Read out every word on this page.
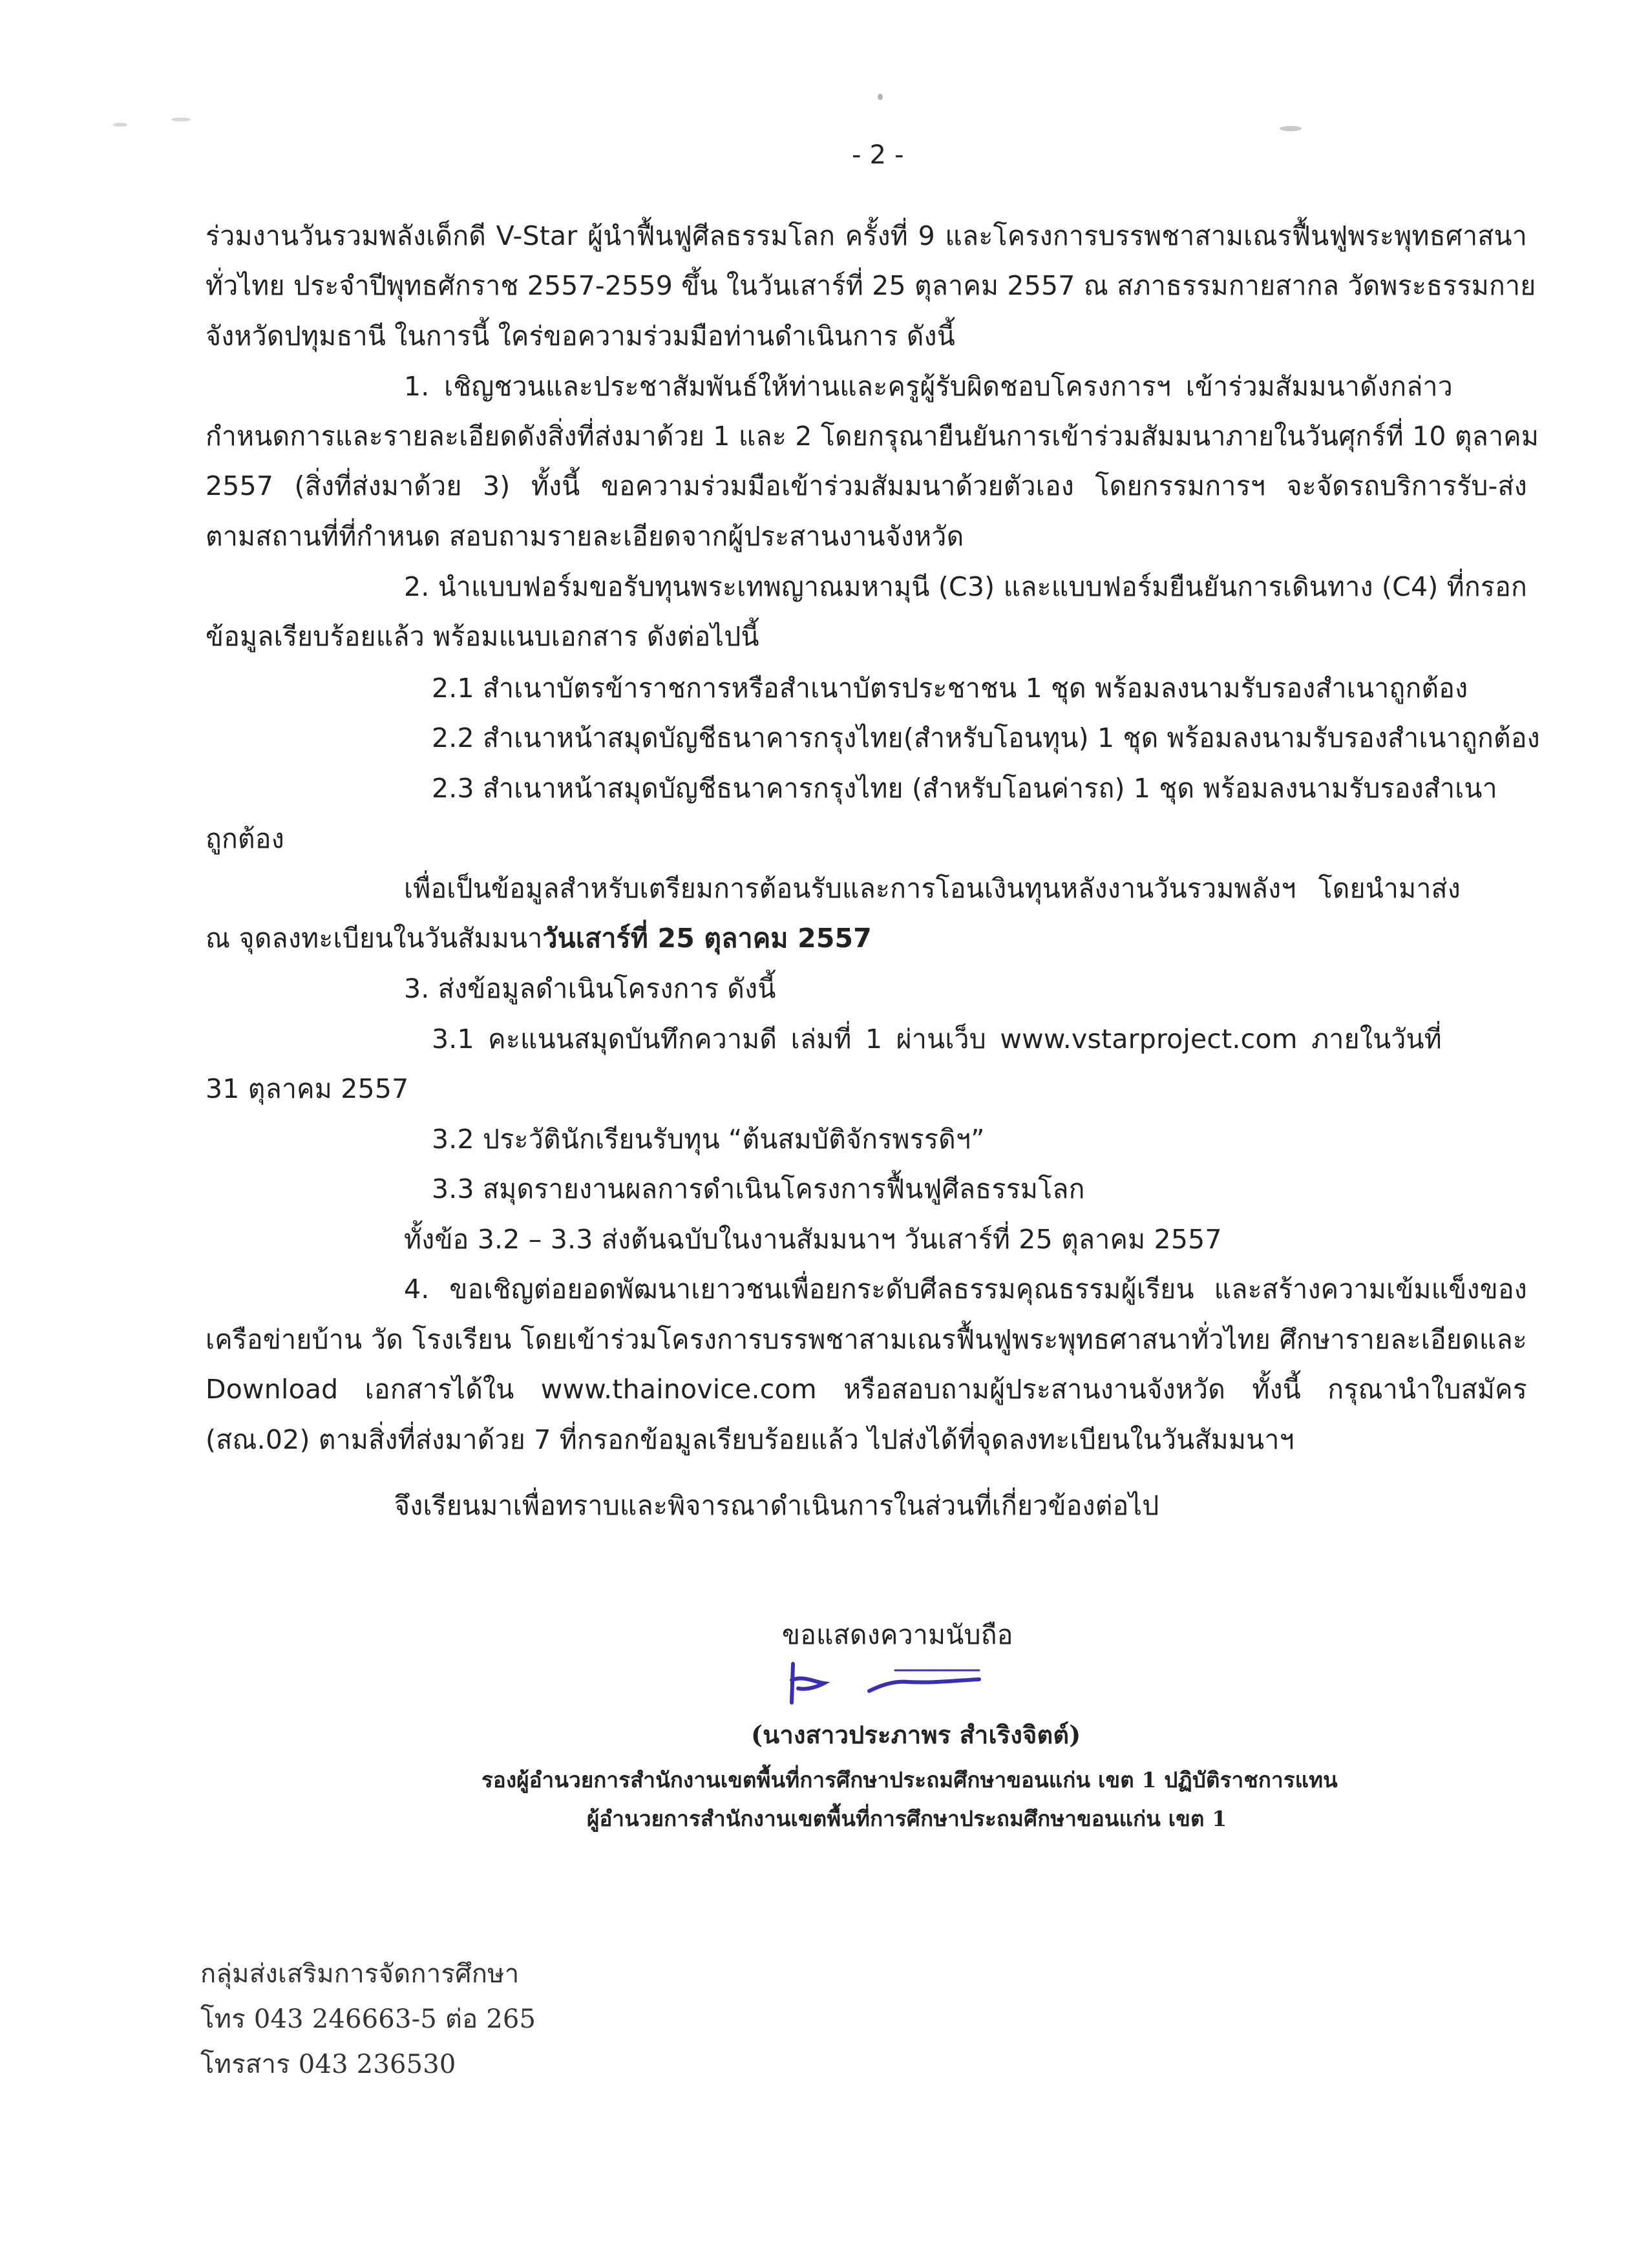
- 2 -
ร่วมงานวันรวมพลังเด็กดี V-Star ผู้นำฟื้นฟูศีลธรรมโลก ครั้งที่ 9 และโครงการบรรพชาสามเณรฟื้นฟูพระพุทธศาสนา
ทั่วไทย ประจำปีพุทธศักราช 2557-2559 ขึ้น ในวันเสาร์ที่ 25 ตุลาคม 2557 ณ สภาธรรมกายสากล วัดพระธรรมกาย
จังหวัดปทุมธานี ในการนี้ ใคร่ขอความร่วมมือท่านดำเนินการ ดังนี้
1. เชิญชวนและประชาสัมพันธ์ให้ท่านและครูผู้รับผิดชอบโครงการฯ เข้าร่วมสัมมนาดังกล่าว
กำหนดการและรายละเอียดดังสิ่งที่ส่งมาด้วย 1 และ 2 โดยกรุณายืนยันการเข้าร่วมสัมมนาภายในวันศุกร์ที่ 10 ตุลาคม
2557 (สิ่งที่ส่งมาด้วย 3) ทั้งนี้ ขอความร่วมมือเข้าร่วมสัมมนาด้วยตัวเอง โดยกรรมการฯ จะจัดรถบริการรับ-ส่ง
ตามสถานที่ที่กำหนด สอบถามรายละเอียดจากผู้ประสานงานจังหวัด
2. นำแบบฟอร์มขอรับทุนพระเทพญาณมหามุนี (C3) และแบบฟอร์มยืนยันการเดินทาง (C4) ที่กรอก
ข้อมูลเรียบร้อยแล้ว พร้อมแนบเอกสาร ดังต่อไปนี้
2.1 สำเนาบัตรข้าราชการหรือสำเนาบัตรประชาชน 1 ชุด พร้อมลงนามรับรองสำเนาถูกต้อง
2.2 สำเนาหน้าสมุดบัญชีธนาคารกรุงไทย(สำหรับโอนทุน) 1 ชุด พร้อมลงนามรับรองสำเนาถูกต้อง
2.3 สำเนาหน้าสมุดบัญชีธนาคารกรุงไทย (สำหรับโอนค่ารถ) 1 ชุด พร้อมลงนามรับรองสำเนา
ถูกต้อง
เพื่อเป็นข้อมูลสำหรับเตรียมการต้อนรับและการโอนเงินทุนหลังงานวันรวมพลังฯ โดยนำมาส่ง
ณ จุดลงทะเบียนในวันสัมมนาวันเสาร์ที่ 25 ตุลาคม 2557
3. ส่งข้อมูลดำเนินโครงการ ดังนี้
3.1 คะแนนสมุดบันทึกความดี เล่มที่ 1 ผ่านเว็บ www.vstarproject.com ภายในวันที่
31 ตุลาคม 2557
3.2 ประวัตินักเรียนรับทุน “ต้นสมบัติจักรพรรดิฯ”
3.3 สมุดรายงานผลการดำเนินโครงการฟื้นฟูศีลธรรมโลก
ทั้งข้อ 3.2 – 3.3 ส่งต้นฉบับในงานสัมมนาฯ วันเสาร์ที่ 25 ตุลาคม 2557
4. ขอเชิญต่อยอดพัฒนาเยาวชนเพื่อยกระดับศีลธรรมคุณธรรมผู้เรียน และสร้างความเข้มแข็งของ
เครือข่ายบ้าน วัด โรงเรียน โดยเข้าร่วมโครงการบรรพชาสามเณรฟื้นฟูพระพุทธศาสนาทั่วไทย ศึกษารายละเอียดและ
Download เอกสารได้ใน www.thainovice.com หรือสอบถามผู้ประสานงานจังหวัด ทั้งนี้ กรุณานำใบสมัคร
(สณ.02) ตามสิ่งที่ส่งมาด้วย 7 ที่กรอกข้อมูลเรียบร้อยแล้ว ไปส่งได้ที่จุดลงทะเบียนในวันสัมมนาฯ
จึงเรียนมาเพื่อทราบและพิจารณาดำเนินการในส่วนที่เกี่ยวข้องต่อไป
ขอแสดงความนับถือ
(นางสาวประภาพร สำเริงจิตต์)
รองผู้อำนวยการสำนักงานเขตพื้นที่การศึกษาประถมศึกษาขอนแก่น เขต 1 ปฏิบัติราชการแทน
ผู้อำนวยการสำนักงานเขตพื้นที่การศึกษาประถมศึกษาขอนแก่น เขต 1
กลุ่มส่งเสริมการจัดการศึกษา
โทร 043 246663-5 ต่อ 265
โทรสาร 043 236530
